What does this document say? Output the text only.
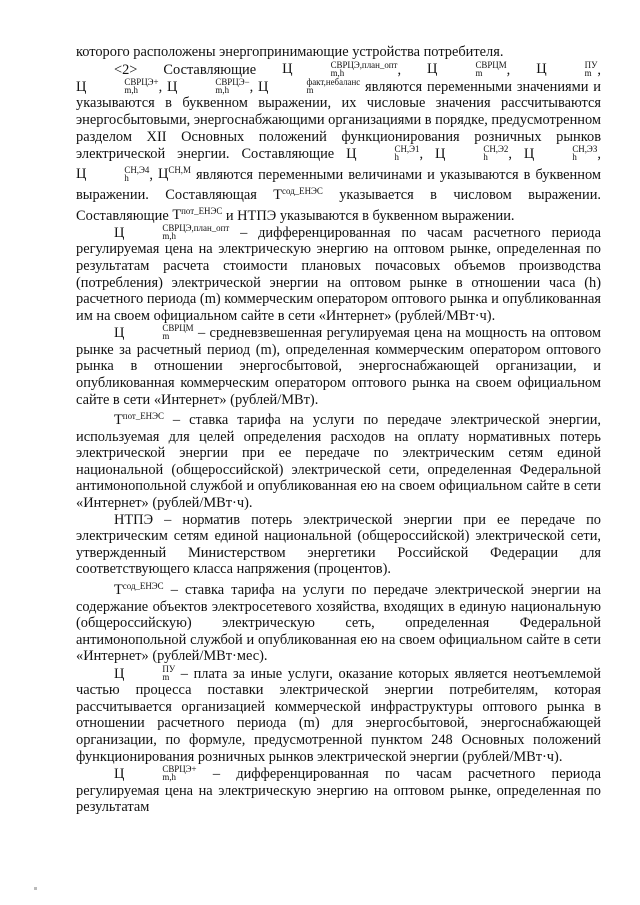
которого расположены энергопринимающие устройства потребителя.

<2> Составляющие Ц	СВРЦЭ,план_опт
m,h	, Ц	СВРЦМ
m	, Ц	ПУ
m , Ц	СВРЦЭ+
m,h	, Ц	СВРЦЭ−
m,h	, Ц	факт,небаланс
m	являются переменными значениями и указываются в буквенном выражении, их числовые значения рассчитываются энергосбытовыми, энергоснабжающими организациями в порядке, предусмотренном разделом XII Основных положений функционирования розничных рынков электрической энергии. Составляющие Ц	СН,Э1
h	, Ц	СН,Э2
h	, Ц	СН,ЭЗ
h	, Ц	СН,Э4
h	, $Ц^{СН,М}$ являются переменными величинами и указываются в буквенном выражении. Составляющая $Т^{сод\_ЕНЭС}$ указывается в числовом выражении. Составляющие $Т^{пот\_ЕНЭС}$ и НТПЭ указываются в буквенном выражении.

Ц	СВРЦЭ,план_опт
m,h	– дифференцированная по часам расчетного периода регулируемая цена на электрическую энергию на оптовом рынке, определенная по результатам расчета стоимости плановых почасовых объемов производства (потребления) электрической энергии на оптовом рынке в отношении часа (h) расчетного периода (m) коммерческим оператором оптового рынка и опубликованная им на своем официальном сайте в сети «Интернет» (рублей/МВт·ч).

Ц	СВРЦМ
m	– средневзвешенная регулируемая цена на мощность на оптовом рынке за расчетный период (m), определенная коммерческим оператором оптового рынка в отношении энергосбытовой, энергоснабжающей организации, и опубликованная коммерческим оператором оптового рынка на своем официальном сайте в сети «Интернет» (рублей/МВт).

$Т^{пот\_ЕНЭС}$ – ставка тарифа на услуги по передаче электрической энергии, используемая для целей определения расходов на оплату нормативных потерь электрической энергии при ее передаче по электрическим сетям единой национальной (общероссийской) электрической сети, определенная Федеральной антимонопольной службой и опубликованная ею на своем официальном сайте в сети «Интернет» (рублей/МВт·ч).

НТПЭ – норматив потерь электрической энергии при ее передаче по электрическим сетям единой национальной (общероссийской) электрической сети, утвержденный Министерством энергетики Российской Федерации для соответствующего класса напряжения (процентов).

$Т^{сод\_ЕНЭС}$ – ставка тарифа на услуги по передаче электрической энергии на содержание объектов электросетевого хозяйства, входящих в единую национальную (общероссийскую) электрическую сеть, определенная Федеральной антимонопольной службой и опубликованная ею на своем официальном сайте в сети «Интернет» (рублей/МВт·мес).

Ц	ПУ
m – плата за иные услуги, оказание которых является неотъемлемой частью процесса поставки электрической энергии потребителям, которая рассчитывается организацией коммерческой инфраструктуры оптового рынка в отношении расчетного периода (m) для энергосбытовой, энергоснабжающей организации, по формуле, предусмотренной пунктом 248 Основных положений функционирования розничных рынков электрической энергии (рублей/МВт·ч).

Ц	СВРЦЭ+
m,h	– дифференцированная по часам расчетного периода регулируемая цена на электрическую энергию на оптовом рынке, определенная по результатам
